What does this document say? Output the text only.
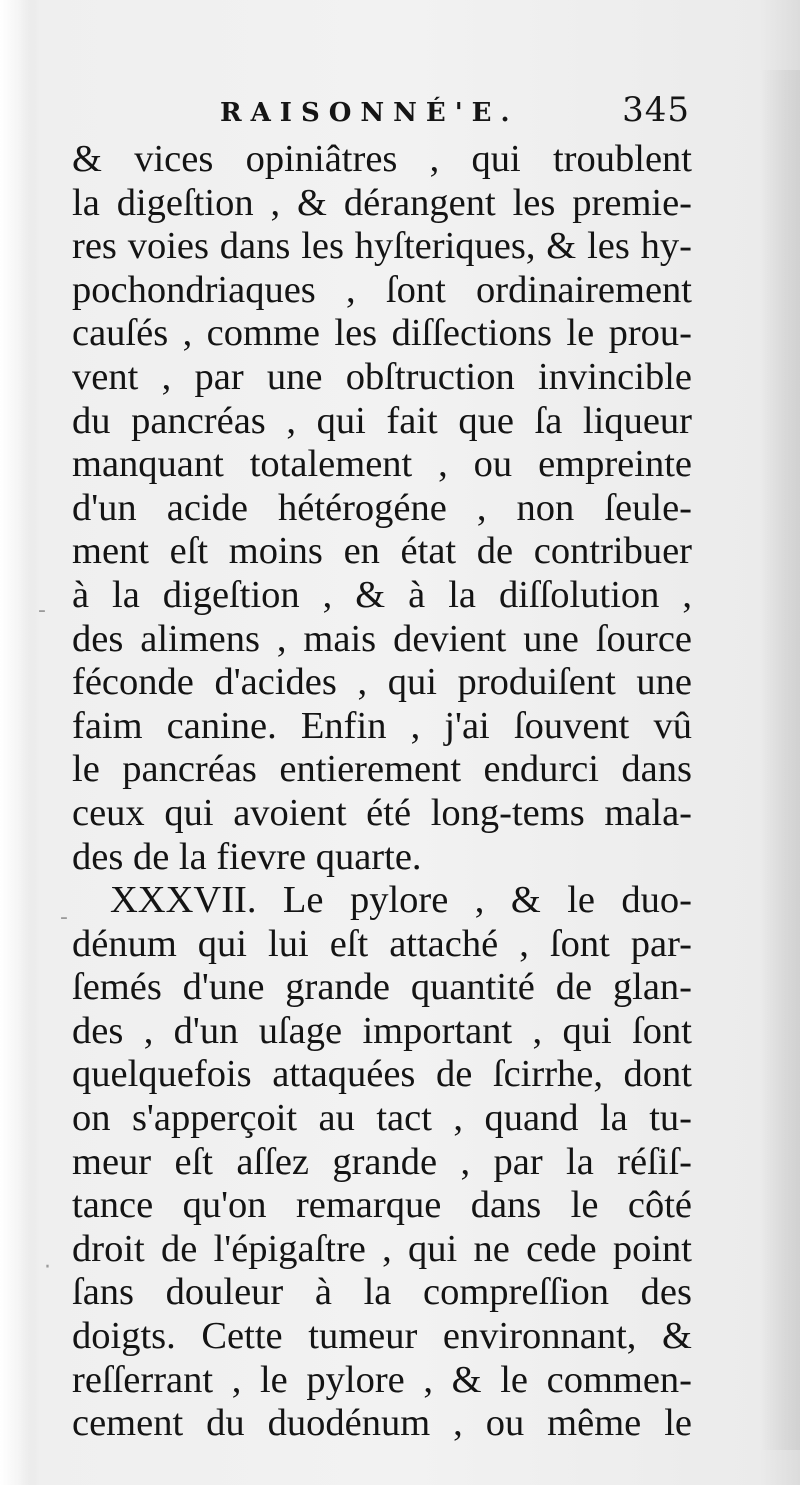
RAISONNÉ'E.	345
-
-
·
& vices opiniâtres , qui troublent
la digeſtion , & dérangent les premie-
res voies dans les hyſteriques, & les hy-
pochondriaques , ſont ordinairement
cauſés , comme les diſſections le prou-
vent , par une obſtruction invincible
du pancréas , qui fait que ſa liqueur
manquant totalement , ou empreinte
d'un acide hétérogéne , non ſeule-
ment eſt moins en état de contribuer
à la digeſtion , & à la diſſolution ,
des alimens , mais devient une ſource
féconde d'acides , qui produiſent une
faim canine. Enfin , j'ai ſouvent vû
le pancréas entierement endurci dans
ceux qui avoient été long-tems mala-
des de la fievre quarte.
XXXVII. Le pylore , & le duo-
dénum qui lui eſt attaché , ſont par-
ſemés d'une grande quantité de glan-
des , d'un uſage important , qui ſont
quelquefois attaquées de ſcirrhe, dont
on s'apperçoit au tact , quand la tu-
meur eſt aſſez grande , par la réſiſ-
tance qu'on remarque dans le côté
droit de l'épigaſtre , qui ne cede point
ſans douleur à la compreſſion des
doigts. Cette tumeur environnant, &
reſſerrant , le pylore , & le commen-
cement du duodénum , ou même le
